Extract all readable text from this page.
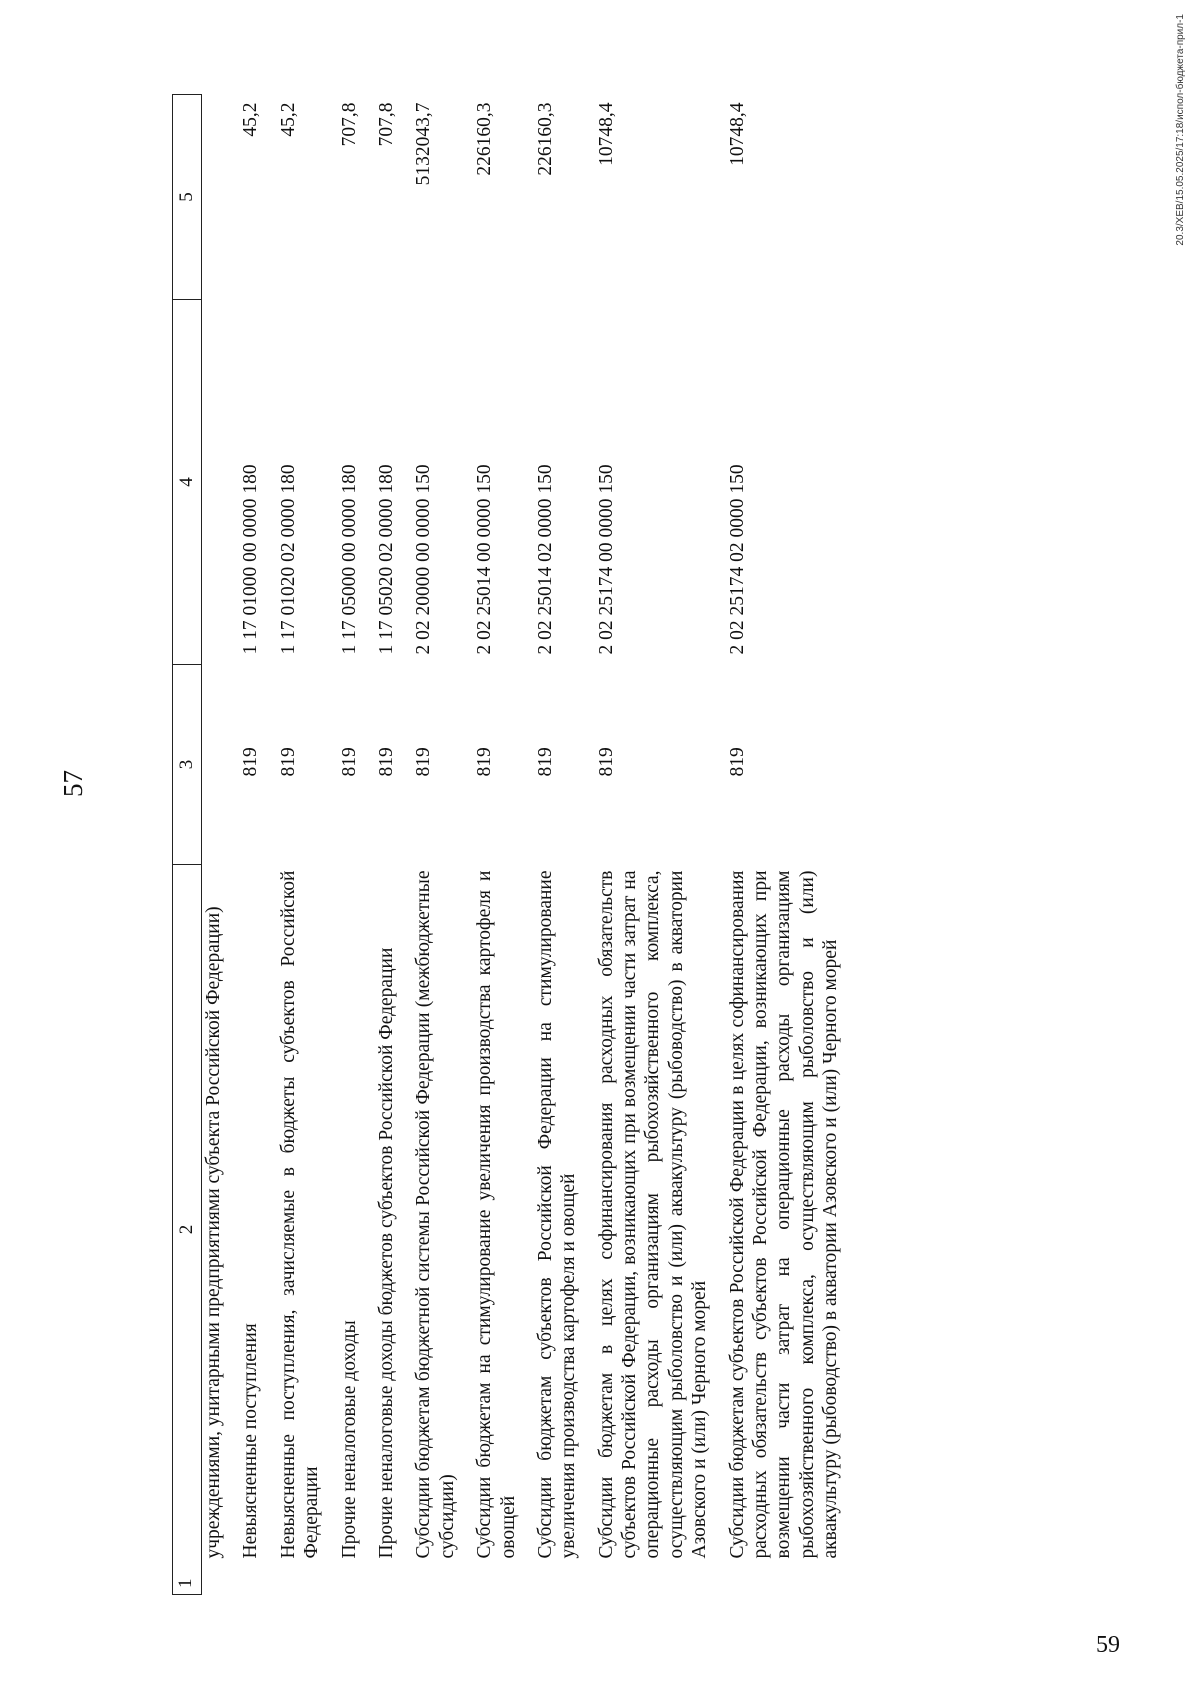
57
1
2	3	4	5
учреждениями, унитарными предприятиями субъекта Российской Федерации)			
Невыясненные поступления	819	1 17 01000 00 0000 180	45,2
Невыясненные поступления, зачисляемые в бюджеты субъектов Российской Федерации	819	1 17 01020 02 0000 180	45,2
Прочие неналоговые доходы	819	1 17 05000 00 0000 180	707,8
Прочие неналоговые доходы бюджетов субъектов Российской Федерации	819	1 17 05020 02 0000 180	707,8
Субсидии бюджетам бюджетной системы Российской Федерации (межбюджетные субсидии)	819	2 02 20000 00 0000 150	5132043,7
Субсидии бюджетам на стимулирование увеличения производства картофеля и овощей	819	2 02 25014 00 0000 150	226160,3
Субсидии бюджетам субъектов Российской Федерации на стимулирование увеличения производства картофеля и овощей	819	2 02 25014 02 0000 150	226160,3
Субсидии бюджетам в целях софинансирования расходных обязательств субъектов Российской Федерации, возникающих при возмещении части затрат на операционные расходы организациям рыбохозяйственного комплекса, осуществляющим рыболовство и (или) аквакультуру (рыбоводство) в акватории Азовского и (или) Черного морей	819	2 02 25174 00 0000 150	10748,4
Субсидии бюджетам субъектов Российской Федерации в целях софинансирования расходных обязательств субъектов Российской Федерации, возникающих при возмещении части затрат на операционные расходы организациям рыбохозяйственного комплекса, осуществляющим рыболовство и (или) аквакультуру (рыбоводство) в акватории Азовского и (или) Черного морей	819	2 02 25174 02 0000 150	10748,4	20.3/ХЕВ/15.05.2025/17:18/испол-бюджета-прил-1
59
